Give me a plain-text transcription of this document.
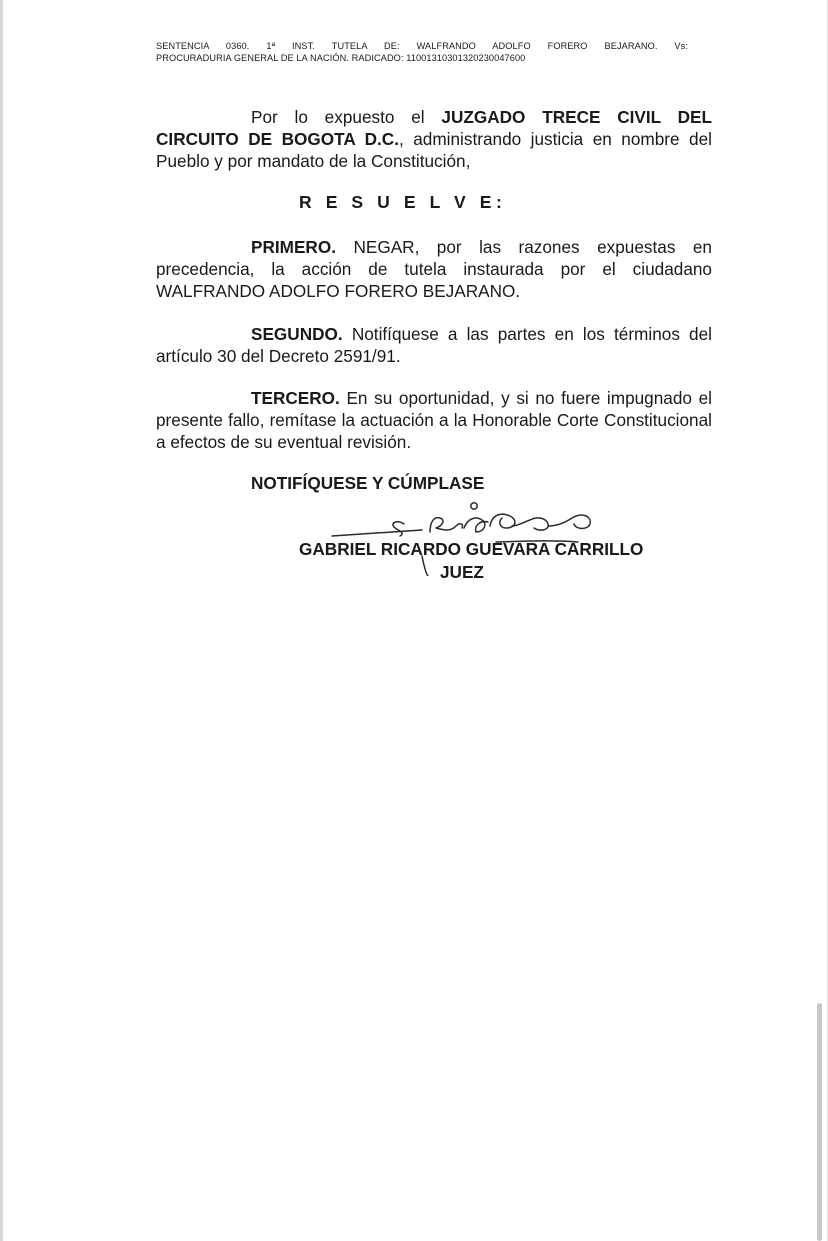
SENTENCIA 0360. 1ª INST. TUTELA DE: WALFRANDO ADOLFO FORERO BEJARANO. Vs:
PROCURADURIA GENERAL DE LA NACIÓN. RADICADO: 11001310301320230047600

Por lo expuesto el JUZGADO TRECE CIVIL DEL CIRCUITO DE BOGOTA D.C., administrando justicia en nombre del Pueblo y por mandato de la Constitución,

R E S U E L V E:

PRIMERO. NEGAR, por las razones expuestas en precedencia, la acción de tutela instaurada por el ciudadano WALFRANDO ADOLFO FORERO BEJARANO.

SEGUNDO. Notifíquese a las partes en los términos del artículo 30 del Decreto 2591/91.

TERCERO. En su oportunidad, y si no fuere impugnado el presente fallo, remítase la actuación a la Honorable Corte Constitucional a efectos de su eventual revisión.

NOTIFÍQUESE Y CÚMPLASE
GABRIEL RICARDO GUEVARA CARRILLO
JUEZ
